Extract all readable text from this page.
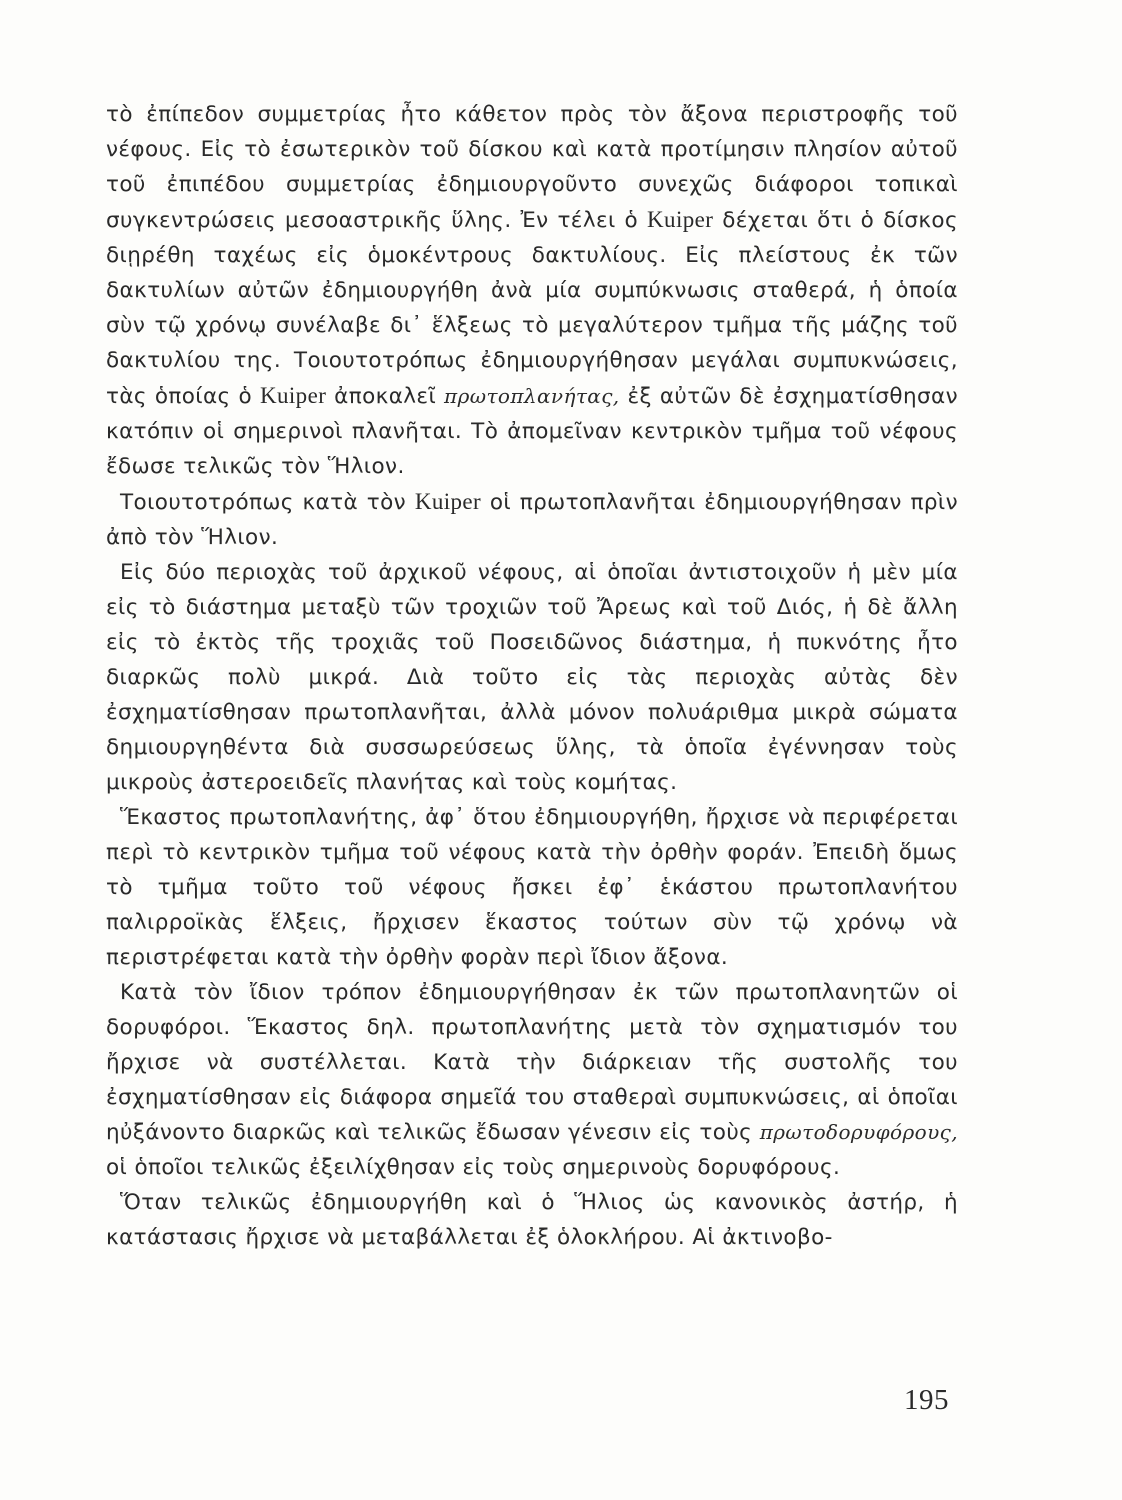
τὸ ἐπίπεδον συμμετρίας ἦτο κάθετον πρὸς τὸν ἄξονα περιστροφῆς τοῦ νέφους. Εἰς τὸ ἐσωτερικὸν τοῦ δίσκου καὶ κατὰ προτίμησιν πλησίον αὐτοῦ τοῦ ἐπιπέδου συμμετρίας ἐδημιουργοῦντο συνεχῶς διάφοροι τοπικαὶ συγκεντρώσεις μεσοαστρικῆς ὕλης. Ἐν τέλει ὁ Kuiper δέχεται ὅτι ὁ δίσκος διῃρέθη ταχέως εἰς ὁμοκέντρους δακτυλίους. Εἰς πλείστους ἐκ τῶν δακτυλίων αὐτῶν ἐδημιουργήθη ἀνὰ μία συμπύκνωσις σταθερά, ἡ ὁποία σὺν τῷ χρόνῳ συνέλαβε δι᾽ ἕλξεως τὸ μεγαλύτερον τμῆμα τῆς μάζης τοῦ δακτυλίου της. Τοιουτοτρόπως ἐδημιουργήθησαν μεγάλαι συμπυκνώσεις, τὰς ὁποίας ὁ Kuiper ἀποκαλεῖ πρωτοπλανήτας, ἐξ αὐτῶν δὲ ἐσχηματίσθησαν κατόπιν οἱ σημερινοὶ πλανῆται. Τὸ ἀπομεῖναν κεντρικὸν τμῆμα τοῦ νέφους ἔδωσε τελικῶς τὸν Ἥλιον.

Τοιουτοτρόπως κατὰ τὸν Kuiper οἱ πρωτοπλανῆται ἐδημιουργήθησαν πρὶν ἀπὸ τὸν Ἥλιον.

Εἰς δύο περιοχὰς τοῦ ἀρχικοῦ νέφους, αἱ ὁποῖαι ἀντιστοιχοῦν ἡ μὲν μία εἰς τὸ διάστημα μεταξὺ τῶν τροχιῶν τοῦ Ἄρεως καὶ τοῦ Διός, ἡ δὲ ἄλλη εἰς τὸ ἐκτὸς τῆς τροχιᾶς τοῦ Ποσειδῶνος διάστημα, ἡ πυκνότης ἦτο διαρκῶς πολὺ μικρά. Διὰ τοῦτο εἰς τὰς περιοχὰς αὐτὰς δὲν ἐσχηματίσθησαν πρωτοπλανῆται, ἀλλὰ μόνον πολυάριθμα μικρὰ σώματα δημιουργηθέντα διὰ συσσωρεύσεως ὕλης, τὰ ὁποῖα ἐγέννησαν τοὺς μικροὺς ἀστεροειδεῖς πλανήτας καὶ τοὺς κομήτας.

Ἕκαστος πρωτοπλανήτης, ἀφ᾽ ὅτου ἐδημιουργήθη, ἤρχισε νὰ περιφέρεται περὶ τὸ κεντρικὸν τμῆμα τοῦ νέφους κατὰ τὴν ὀρθὴν φοράν. Ἐπειδὴ ὅμως τὸ τμῆμα τοῦτο τοῦ νέφους ἤσκει ἐφ᾽ ἑκάστου πρωτοπλανήτου παλιρροϊκὰς ἕλξεις, ἤρχισεν ἕκαστος τούτων σὺν τῷ χρόνῳ νὰ περιστρέφεται κατὰ τὴν ὀρθὴν φορὰν περὶ ἴδιον ἄξονα.

Κατὰ τὸν ἴδιον τρόπον ἐδημιουργήθησαν ἐκ τῶν πρωτοπλανητῶν οἱ δορυφόροι. Ἕκαστος δηλ. πρωτοπλανήτης μετὰ τὸν σχηματισμόν του ἤρχισε νὰ συστέλλεται. Κατὰ τὴν διάρκειαν τῆς συστολῆς του ἐσχηματίσθησαν εἰς διάφορα σημεῖά του σταθεραὶ συμπυκνώσεις, αἱ ὁποῖαι ηὐξάνοντο διαρκῶς καὶ τελικῶς ἔδωσαν γένεσιν εἰς τοὺς πρωτοδορυφόρους, οἱ ὁποῖοι τελικῶς ἐξειλίχθησαν εἰς τοὺς σημερινοὺς δορυφόρους.

Ὅταν τελικῶς ἐδημιουργήθη καὶ ὁ Ἥλιος ὡς κανονικὸς ἀστήρ, ἡ κατάστασις ἤρχισε νὰ μεταβάλλεται ἐξ ὁλοκλήρου. Αἱ ἀκτινοβο-

195
